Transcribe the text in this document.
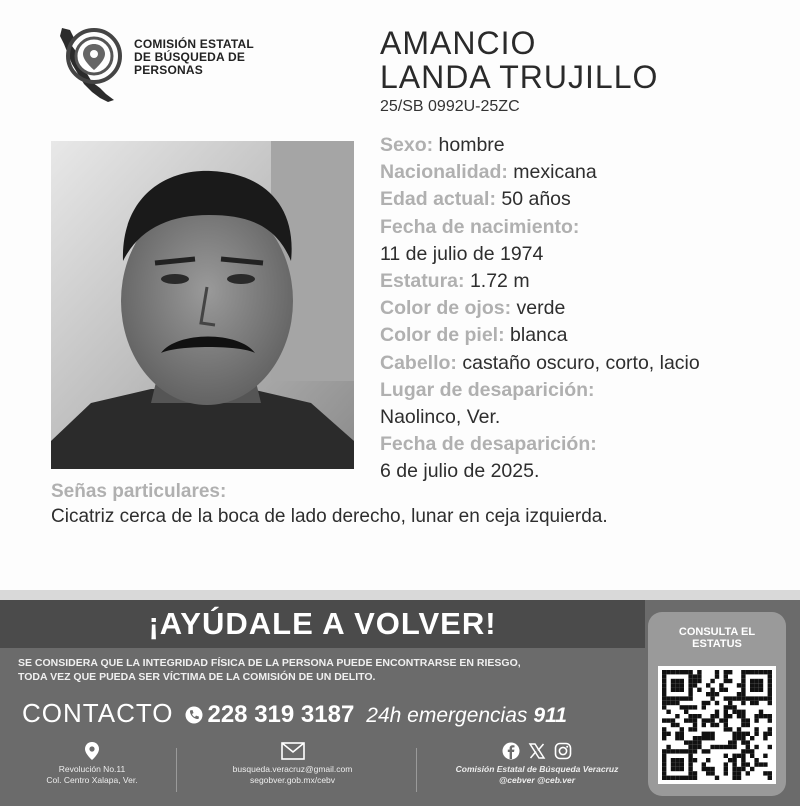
COMISIÓN ESTATAL
DE BÚSQUEDA DE
PERSONAS
AMANCIO
LANDA TRUJILLO
25/SB 0992U-25ZC
Sexo: hombre
Nacionalidad: mexicana
Edad actual: 50 años
Fecha de nacimiento:
11 de julio de 1974
Estatura: 1.72 m
Color de ojos: verde
Color de piel: blanca
Cabello: castaño oscuro, corto, lacio
Lugar de desaparición:
Naolinco, Ver.
Fecha de desaparición:
6 de julio de 2025.
Señas particulares:
Cicatriz cerca de la boca de lado derecho, lunar en ceja izquierda.
¡AYÚDALE A VOLVER!
SE CONSIDERA QUE LA INTEGRIDAD FÍSICA DE LA PERSONA PUEDE ENCONTRARSE EN RIESGO,
TODA VEZ QUE PUEDA SER VÍCTIMA DE LA COMISIÓN DE UN DELITO.
CONTACTO 228 319 3187 24h emergencias 911
Revolución No.11
Col. Centro Xalapa, Ver.
busqueda.veracruz@gmail.com
segobver.gob.mx/cebv
Comisión Estatal de Búsqueda Veracruz
@cebver @ceb.ver
CONSULTA EL
ESTATUS
